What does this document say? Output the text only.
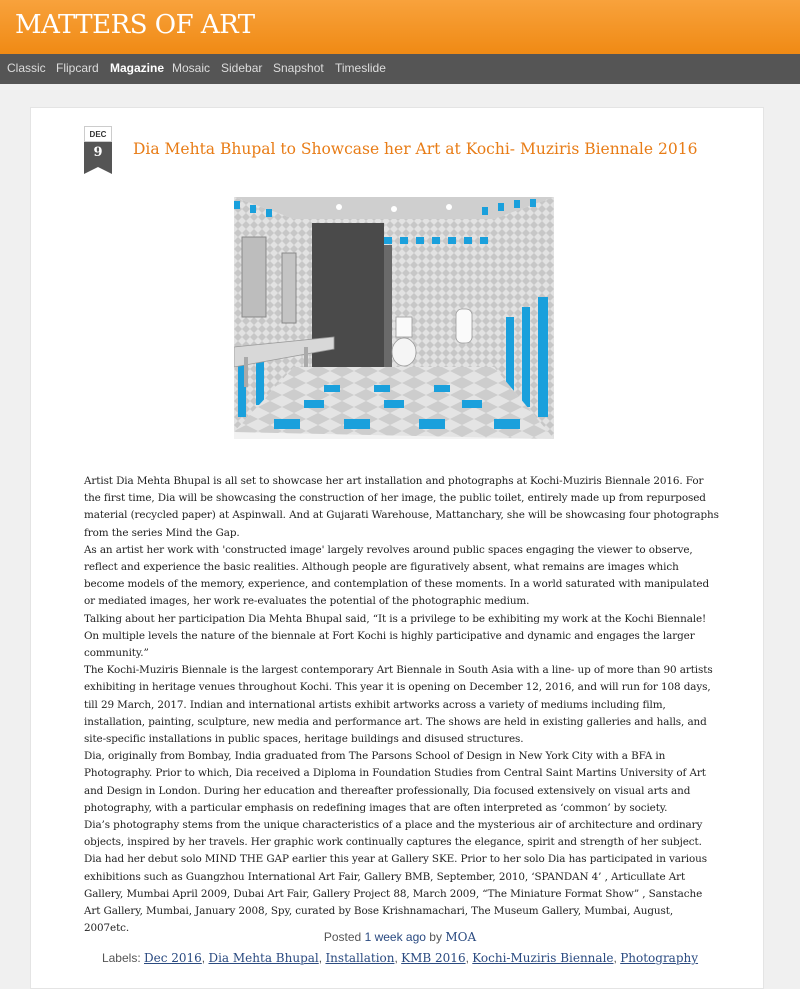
MATTERS OF ART
Classic Flipcard Magazine Mosaic Sidebar Snapshot Timeslide
DEC
9	Dia Mehta Bhupal to Showcase her Art at Kochi- Muziris Biennale 2016

Artist Dia Mehta Bhupal is all set to showcase her art installation and photographs at Kochi-Muziris Biennale 2016. For the first time, Dia will be showcasing the construction of her image, the public toilet, entirely made up from repurposed material (recycled paper) at Aspinwall. And at Gujarati Warehouse, Mattanchary, she will be showcasing four photographs from the series Mind the Gap.

As an artist her work with 'constructed image' largely revolves around public spaces engaging the viewer to observe, reflect and experience the basic realities. Although people are figuratively absent, what remains are images which become models of the memory, experience, and contemplation of these moments. In a world saturated with manipulated or mediated images, her work re-evaluates the potential of the photographic medium.

Talking about her participation Dia Mehta Bhupal said, “It is a privilege to be exhibiting my work at the Kochi Biennale! On multiple levels the nature of the biennale at Fort Kochi is highly participative and dynamic and engages the larger community.”

The Kochi-Muziris Biennale is the largest contemporary Art Biennale in South Asia with a line- up of more than 90 artists exhibiting in heritage venues throughout Kochi. This year it is opening on December 12, 2016, and will run for 108 days, till 29 March, 2017. Indian and international artists exhibit artworks across a variety of mediums including film, installation, painting, sculpture, new media and performance art. The shows are held in existing galleries and halls, and site-specific installations in public spaces, heritage buildings and disused structures.

Dia, originally from Bombay, India graduated from The Parsons School of Design in New York City with a BFA in Photography. Prior to which, Dia received a Diploma in Foundation Studies from Central Saint Martins University of Art and Design in London. During her education and thereafter professionally, Dia focused extensively on visual arts and photography, with a particular emphasis on redefining images that are often interpreted as ‘common’ by society.

Dia’s photography stems from the unique characteristics of a place and the mysterious air of architecture and ordinary objects, inspired by her travels. Her graphic work continually captures the elegance, spirit and strength of her subject. Dia had her debut solo MIND THE GAP earlier this year at Gallery SKE. Prior to her solo Dia has participated in various exhibitions such as Guangzhou International Art Fair, Gallery BMB, September, 2010, ‘SPANDAN 4’ , Articullate Art Gallery, Mumbai April 2009, Dubai Art Fair, Gallery Project 88, March 2009, “The Miniature Format Show” , Sanstache Art Gallery, Mumbai, January 2008, Spy, curated by Bose Krishnamachari, The Museum Gallery, Mumbai, August, 2007etc.

Posted 1 week ago by MOA
Labels: Dec 2016, Dia Mehta Bhupal, Installation, KMB 2016, Kochi-Muziris Biennale, Photography
